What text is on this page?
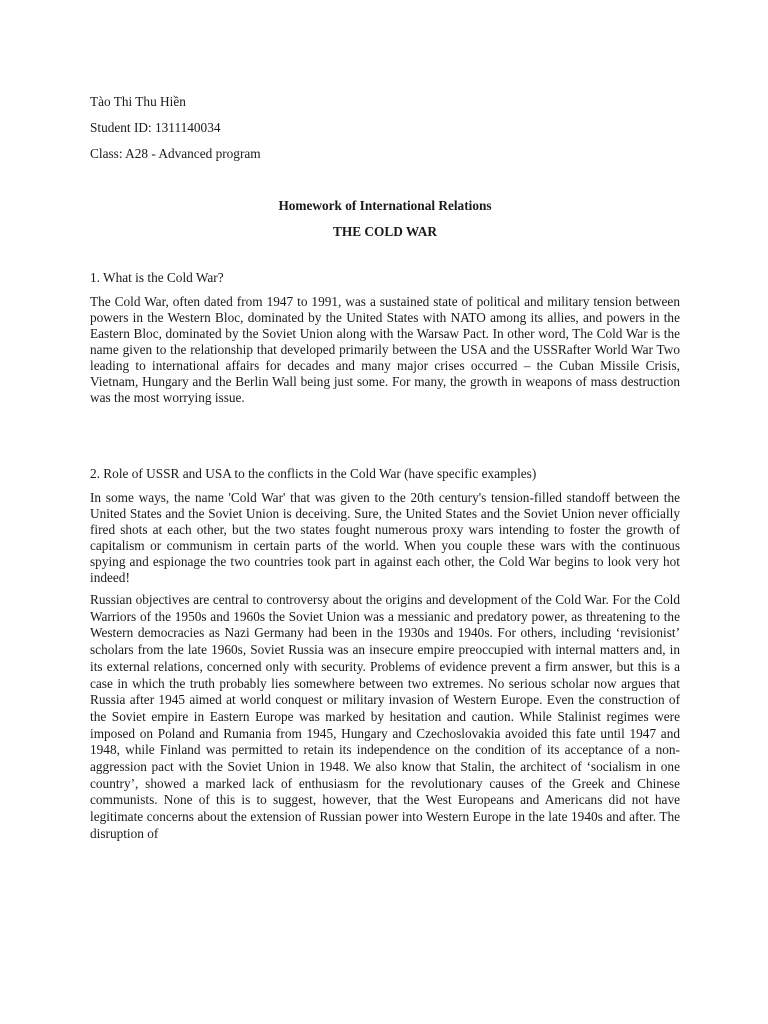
Tào Thi Thu Hiền
Student ID: 1311140034
Class: A28 - Advanced program
Homework of International Relations
THE COLD WAR
1. What is the Cold War?

The Cold War, often dated from 1947 to 1991, was a sustained state of political and military tension between powers in the Western Bloc, dominated by the United States with NATO among its allies, and powers in the Eastern Bloc, dominated by the Soviet Union along with the Warsaw Pact. In other word, The Cold War is the name given to the relationship that developed primarily between the USA and the USSRafter World War Two leading to international affairs for decades and many major crises occurred – the Cuban Missile Crisis, Vietnam, Hungary and the Berlin Wall being just some. For many, the growth in weapons of mass destruction was the most worrying issue.

2. Role of USSR and USA to the conflicts in the Cold War (have specific examples)

In some ways, the name 'Cold War' that was given to the 20th century's tension-filled standoff between the United States and the Soviet Union is deceiving. Sure, the United States and the Soviet Union never officially fired shots at each other, but the two states fought numerous proxy wars intending to foster the growth of capitalism or communism in certain parts of the world. When you couple these wars with the continuous spying and espionage the two countries took part in against each other, the Cold War begins to look very hot indeed!

Russian objectives are central to controversy about the origins and development of the Cold War. For the Cold Warriors of the 1950s and 1960s the Soviet Union was a messianic and predatory power, as threatening to the Western democracies as Nazi Germany had been in the 1930s and 1940s. For others, including ‘revisionist’ scholars from the late 1960s, Soviet Russia was an insecure empire preoccupied with internal matters and, in its external relations, concerned only with security. Problems of evidence prevent a firm answer, but this is a case in which the truth probably lies somewhere between two extremes. No serious scholar now argues that Russia after 1945 aimed at world conquest or military invasion of Western Europe. Even the construction of the Soviet empire in Eastern Europe was marked by hesitation and caution. While Stalinist regimes were imposed on Poland and Rumania from 1945, Hungary and Czechoslovakia avoided this fate until 1947 and 1948, while Finland was permitted to retain its independence on the condition of its acceptance of a non-aggression pact with the Soviet Union in 1948. We also know that Stalin, the architect of ‘socialism in one country’, showed a marked lack of enthusiasm for the revolutionary causes of the Greek and Chinese communists. None of this is to suggest, however, that the West Europeans and Americans did not have legitimate concerns about the extension of Russian power into Western Europe in the late 1940s and after. The disruption of
